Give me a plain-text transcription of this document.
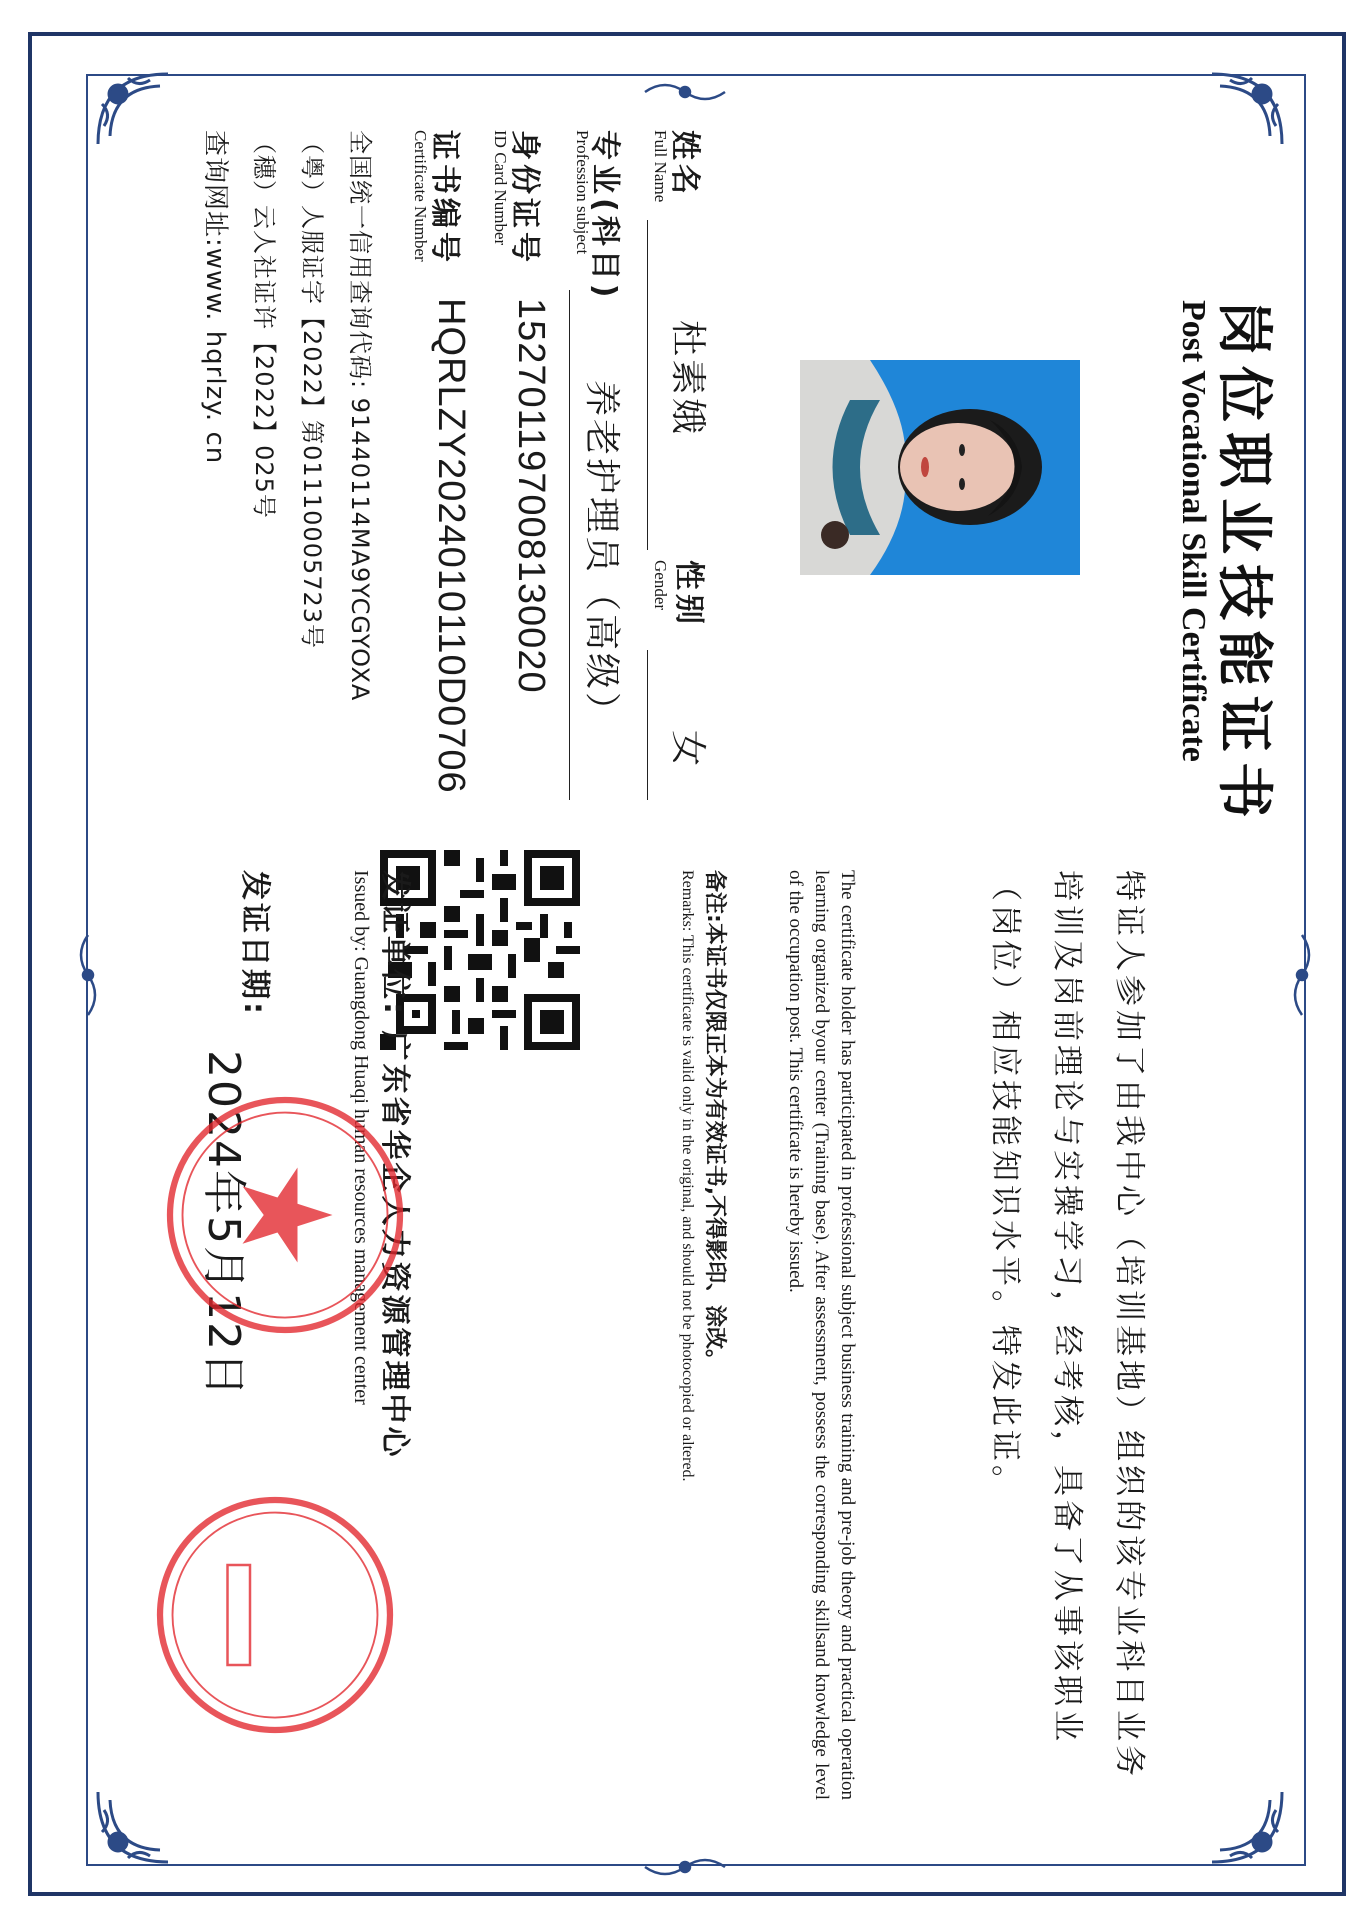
岗位职业技能证书
Post Vocational Skill Certificate
姓名
Full Name
杜素娥
性别
Gender
女
专业(科目)
Profession subject
养老护理员（高级）
身份证号
ID Card Number
152701197008130020
证书编号
Certificate Number
HQRLZY2024010110D0706
全国统一信用查询代码: 91440114MA9YCGYOXA
（粤）人服证字【2022】第01110005723号
（穗）云人社证许【2022】025号
查询网址:www. hqrlzy. cn
特证人参加了由我中心（培训基地）组织的该专业科目业务培训及岗前理论与实操学习，经考核，具备了从事该职业（岗位）相应技能知识水平。特发此证。
The certificate holder has participated in professional subject business training and pre-job theory and practical operation learning organized byour center (Training base). After assessment, possess the corresponding skillsand knowledge level of the occupation post. This certificate is hereby issued.
备注:本证书仅限正本为有效证书,不得影印、涂改。
Remarks: This certificate is valid only in the original, and should not be photocopied or altered.
发证单位: 广东省华企人力资源管理中心
Issued by: Guangdong Huaqi human resources management center
发证日期:
2024年5月12日
